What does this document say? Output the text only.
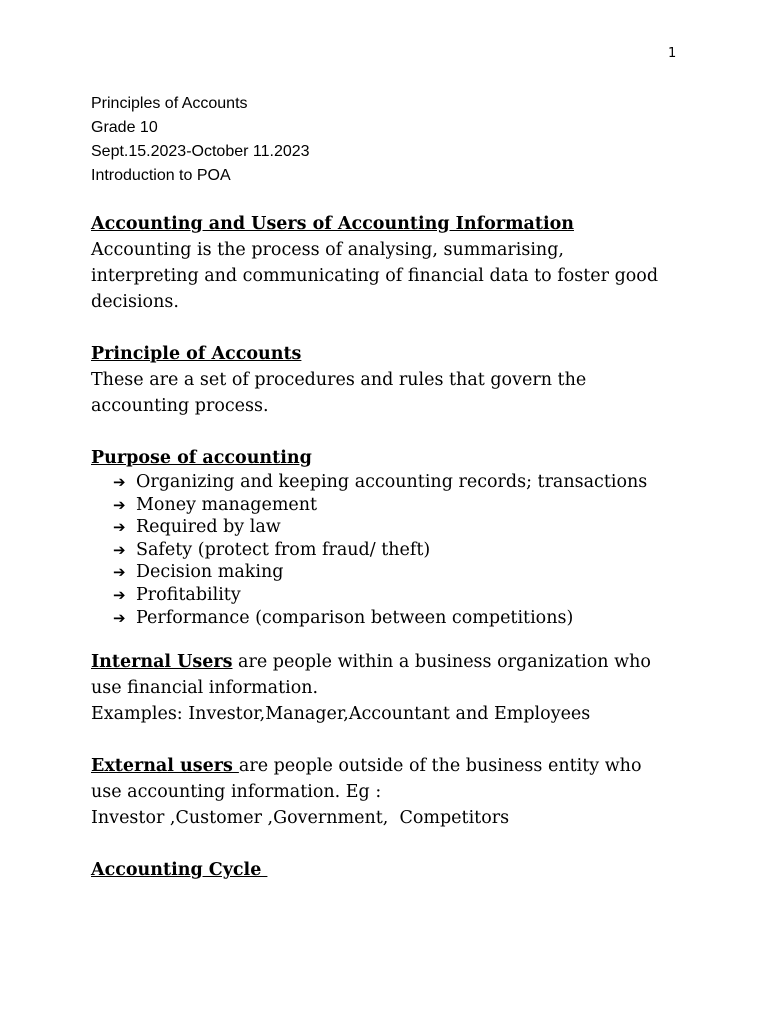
1
Principles of Accounts
Grade 10
Sept.15.2023-October 11.2023
Introduction to POA
Accounting and Users of Accounting Information

Accounting is the process of analysing, summarising, interpreting and communicating of financial data to foster good decisions.

Principle of Accounts

These are a set of procedures and rules that govern the accounting process.

Purpose of accounting
➔ Organizing and keeping accounting records; transactions
➔ Money management
➔ Required by law
➔ Safety (protect from fraud/ theft)
➔ Decision making
➔ Profitability
➔ Performance (comparison between competitions)

Internal Users are people within a business organization who use financial information.

Examples: Investor,Manager,Accountant and Employees

External users are people outside of the business entity who use accounting information. Eg :

Investor ,Customer ,Government,  Competitors

Accounting Cycle
